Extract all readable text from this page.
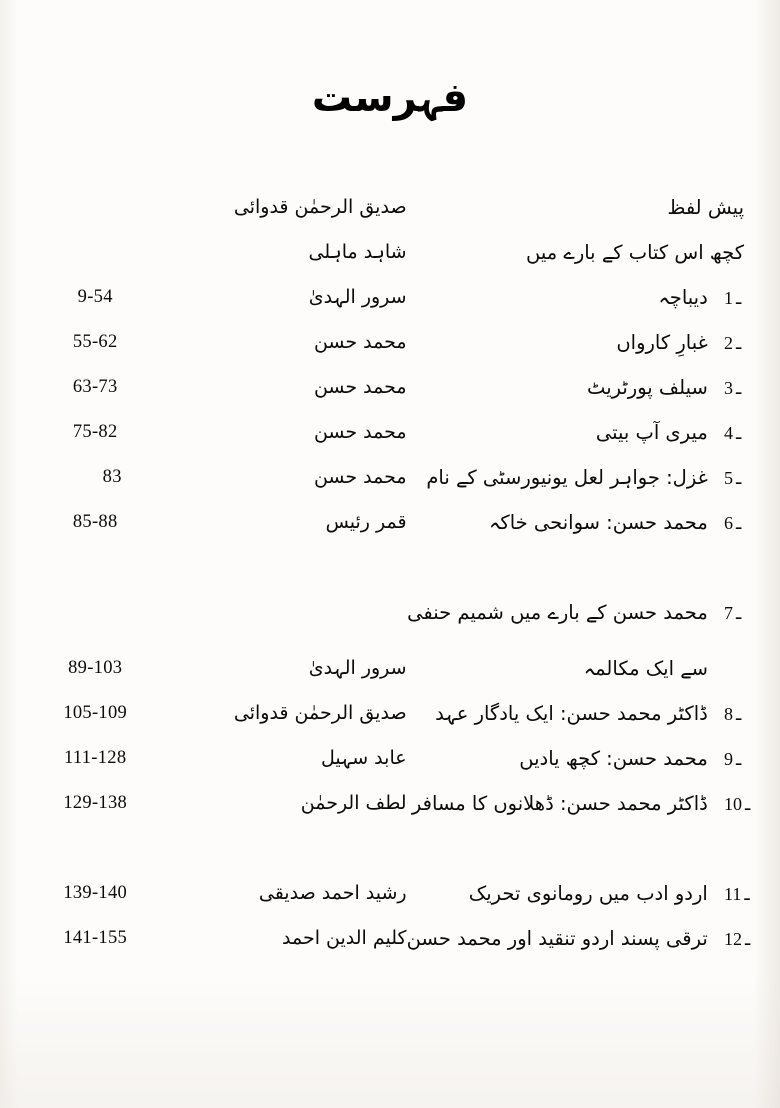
فہرست
پیش لفظ	صدیق الرحمٰن قدوائی	
کچھ اس کتاب کے بارے میں	شاہد ماہلی	
1 ـ دیباچہ	سرور الہدیٰ	9-54
2 ـ غبارِ کارواں	محمد حسن	55-62
3 ـ سیلف پورٹریٹ	محمد حسن	63-73
4 ـ میری آپ بیتی	محمد حسن	75-82
5 ـ غزل: جواہر لعل یونیورسٹی کے نام	محمد حسن	83
6 ـ محمد حسن: سوانحی خاکہ	قمر رئیس	85-88

7 ـ محمد حسن کے بارے میں شمیم حنفی		
سے ایک مکالمہ	سرور الہدیٰ	89-103
8 ـ ڈاکٹر محمد حسن: ایک یادگار عہد	صدیق الرحمٰن قدوائی	105-109
9 ـ محمد حسن: کچھ یادیں	عابد سہیل	111-128
10 ـ ڈاکٹر محمد حسن: ڈھلانوں کا مسافر	لطف الرحمٰن	129-138

11 ـ اردو ادب میں رومانوی تحریک	رشید احمد صدیقی	139-140
12 ـ ترقی پسند اردو تنقید اور محمد حسن	کلیم الدین احمد	141-155
